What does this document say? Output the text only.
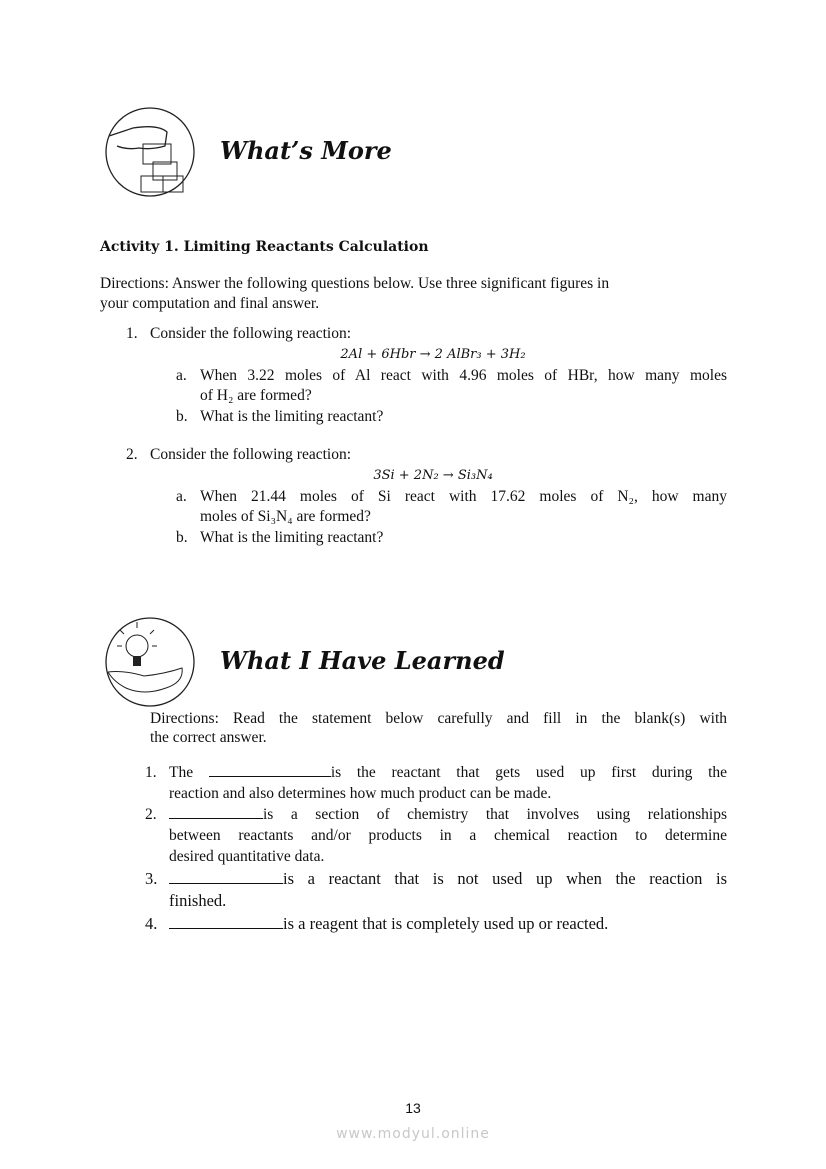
What’s More
Activity 1. Limiting Reactants Calculation
Directions: Answer the following questions below. Use three significant figures in
your computation and final answer.
1. Consider the following reaction:
2Al + 6Hbr → 2 AlBr₃ + 3H₂
a. When 3.22 moles of Al react with 4.96 moles of HBr, how many moles
of H₂ are formed?
b. What is the limiting reactant?
2. Consider the following reaction:
3Si + 2N₂ → Si₃N₄
a. When 21.44 moles of Si react with 17.62 moles of N₂, how many
moles of Si₃N₄ are formed?
b. What is the limiting reactant?
What I Have Learned
Directions: Read the statement below carefully and fill in the blank(s) with
the correct answer.
1. The	is the reactant that gets used up first during the
reaction and also determines how much product can be made.
2.	is a section of chemistry that involves using relationships
between reactants and/or products in a chemical reaction to determine
desired quantitative data.
3.	is a reactant that is not used up when the reaction is
finished.
4.	is a reagent that is completely used up or reacted.
13
www.modyul.online
